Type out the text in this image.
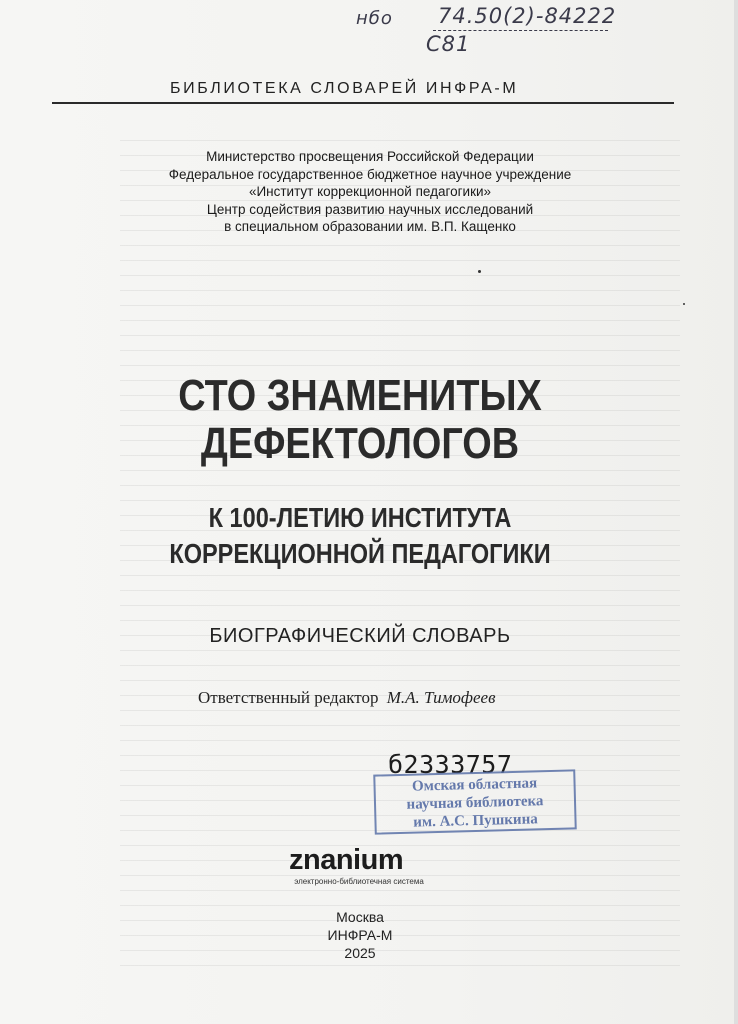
нбо 74.50(2)-84222
С81
БИБЛИОТЕКА СЛОВАРЕЙ ИНФРА-М
Министерство просвещения Российской Федерации
Федеральное государственное бюджетное научное учреждение
«Институт коррекционной педагогики»
Центр содействия развитию научных исследований
в специальном образовании им. В.П. Кащенко
СТО ЗНАМЕНИТЫХ
ДЕФЕКТОЛОГОВ
К 100-ЛЕТИЮ ИНСТИТУТА
КОРРЕКЦИОННОЙ ПЕДАГОГИКИ
БИОГРАФИЧЕСКИЙ СЛОВАРЬ
Ответственный редактор М.А. Тимофеев
б2333757
Омская областная
научная библиотека
им. А.С. Пушкина
znanium
электронно-библиотечная система
Москва
ИНФРА-М
2025
